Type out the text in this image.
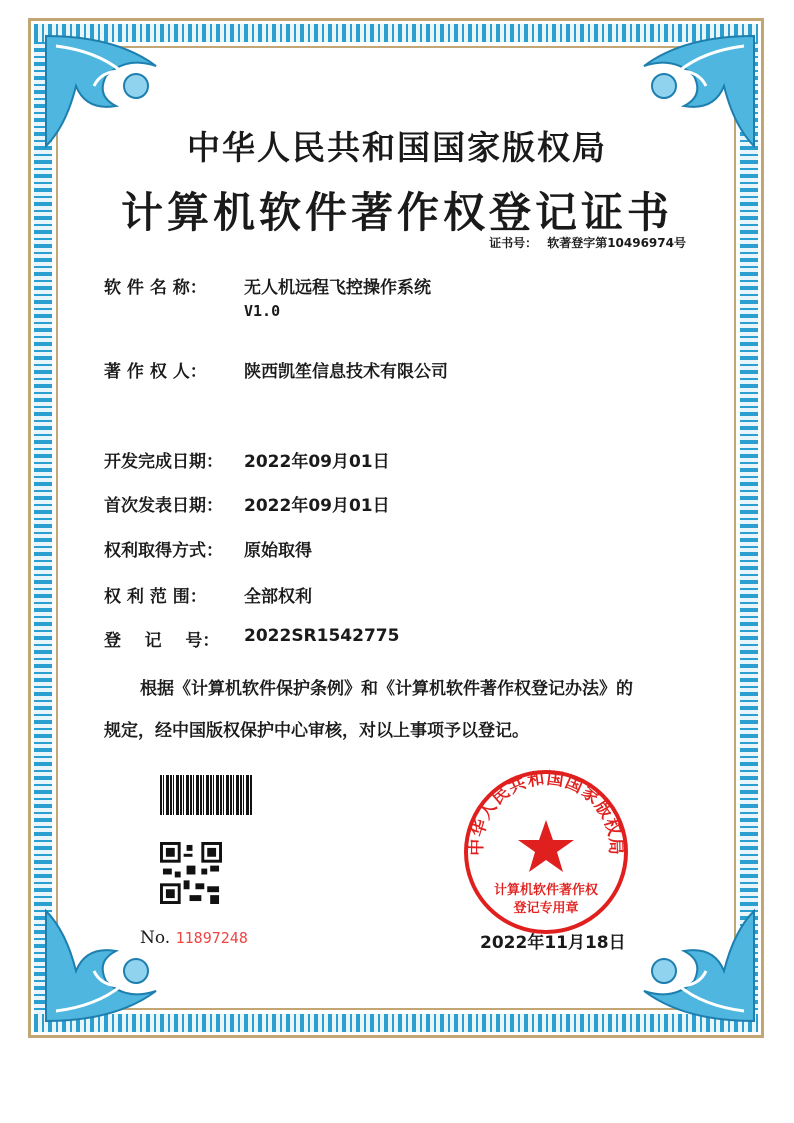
中华人民共和国国家版权局
计算机软件著作权登记证书
证书号： 软著登字第10496974号
软 件 名 称：	无人机远程飞控操作系统
V1.0
著 作 权 人：	陕西凯笙信息技术有限公司
开发完成日期：	2022年09月01日
首次发表日期：	2022年09月01日
权利取得方式：	原始取得
权 利 范 围：	全部权利
登    记    号：	2022SR1542775
根据《计算机软件保护条例》和《计算机软件著作权登记办法》的
规定，经中国版权保护中心审核，对以上事项予以登记。
No. 11897248
中华人民共和国国家版权局
计算机软件著作权
登记专用章
2022年11月18日
